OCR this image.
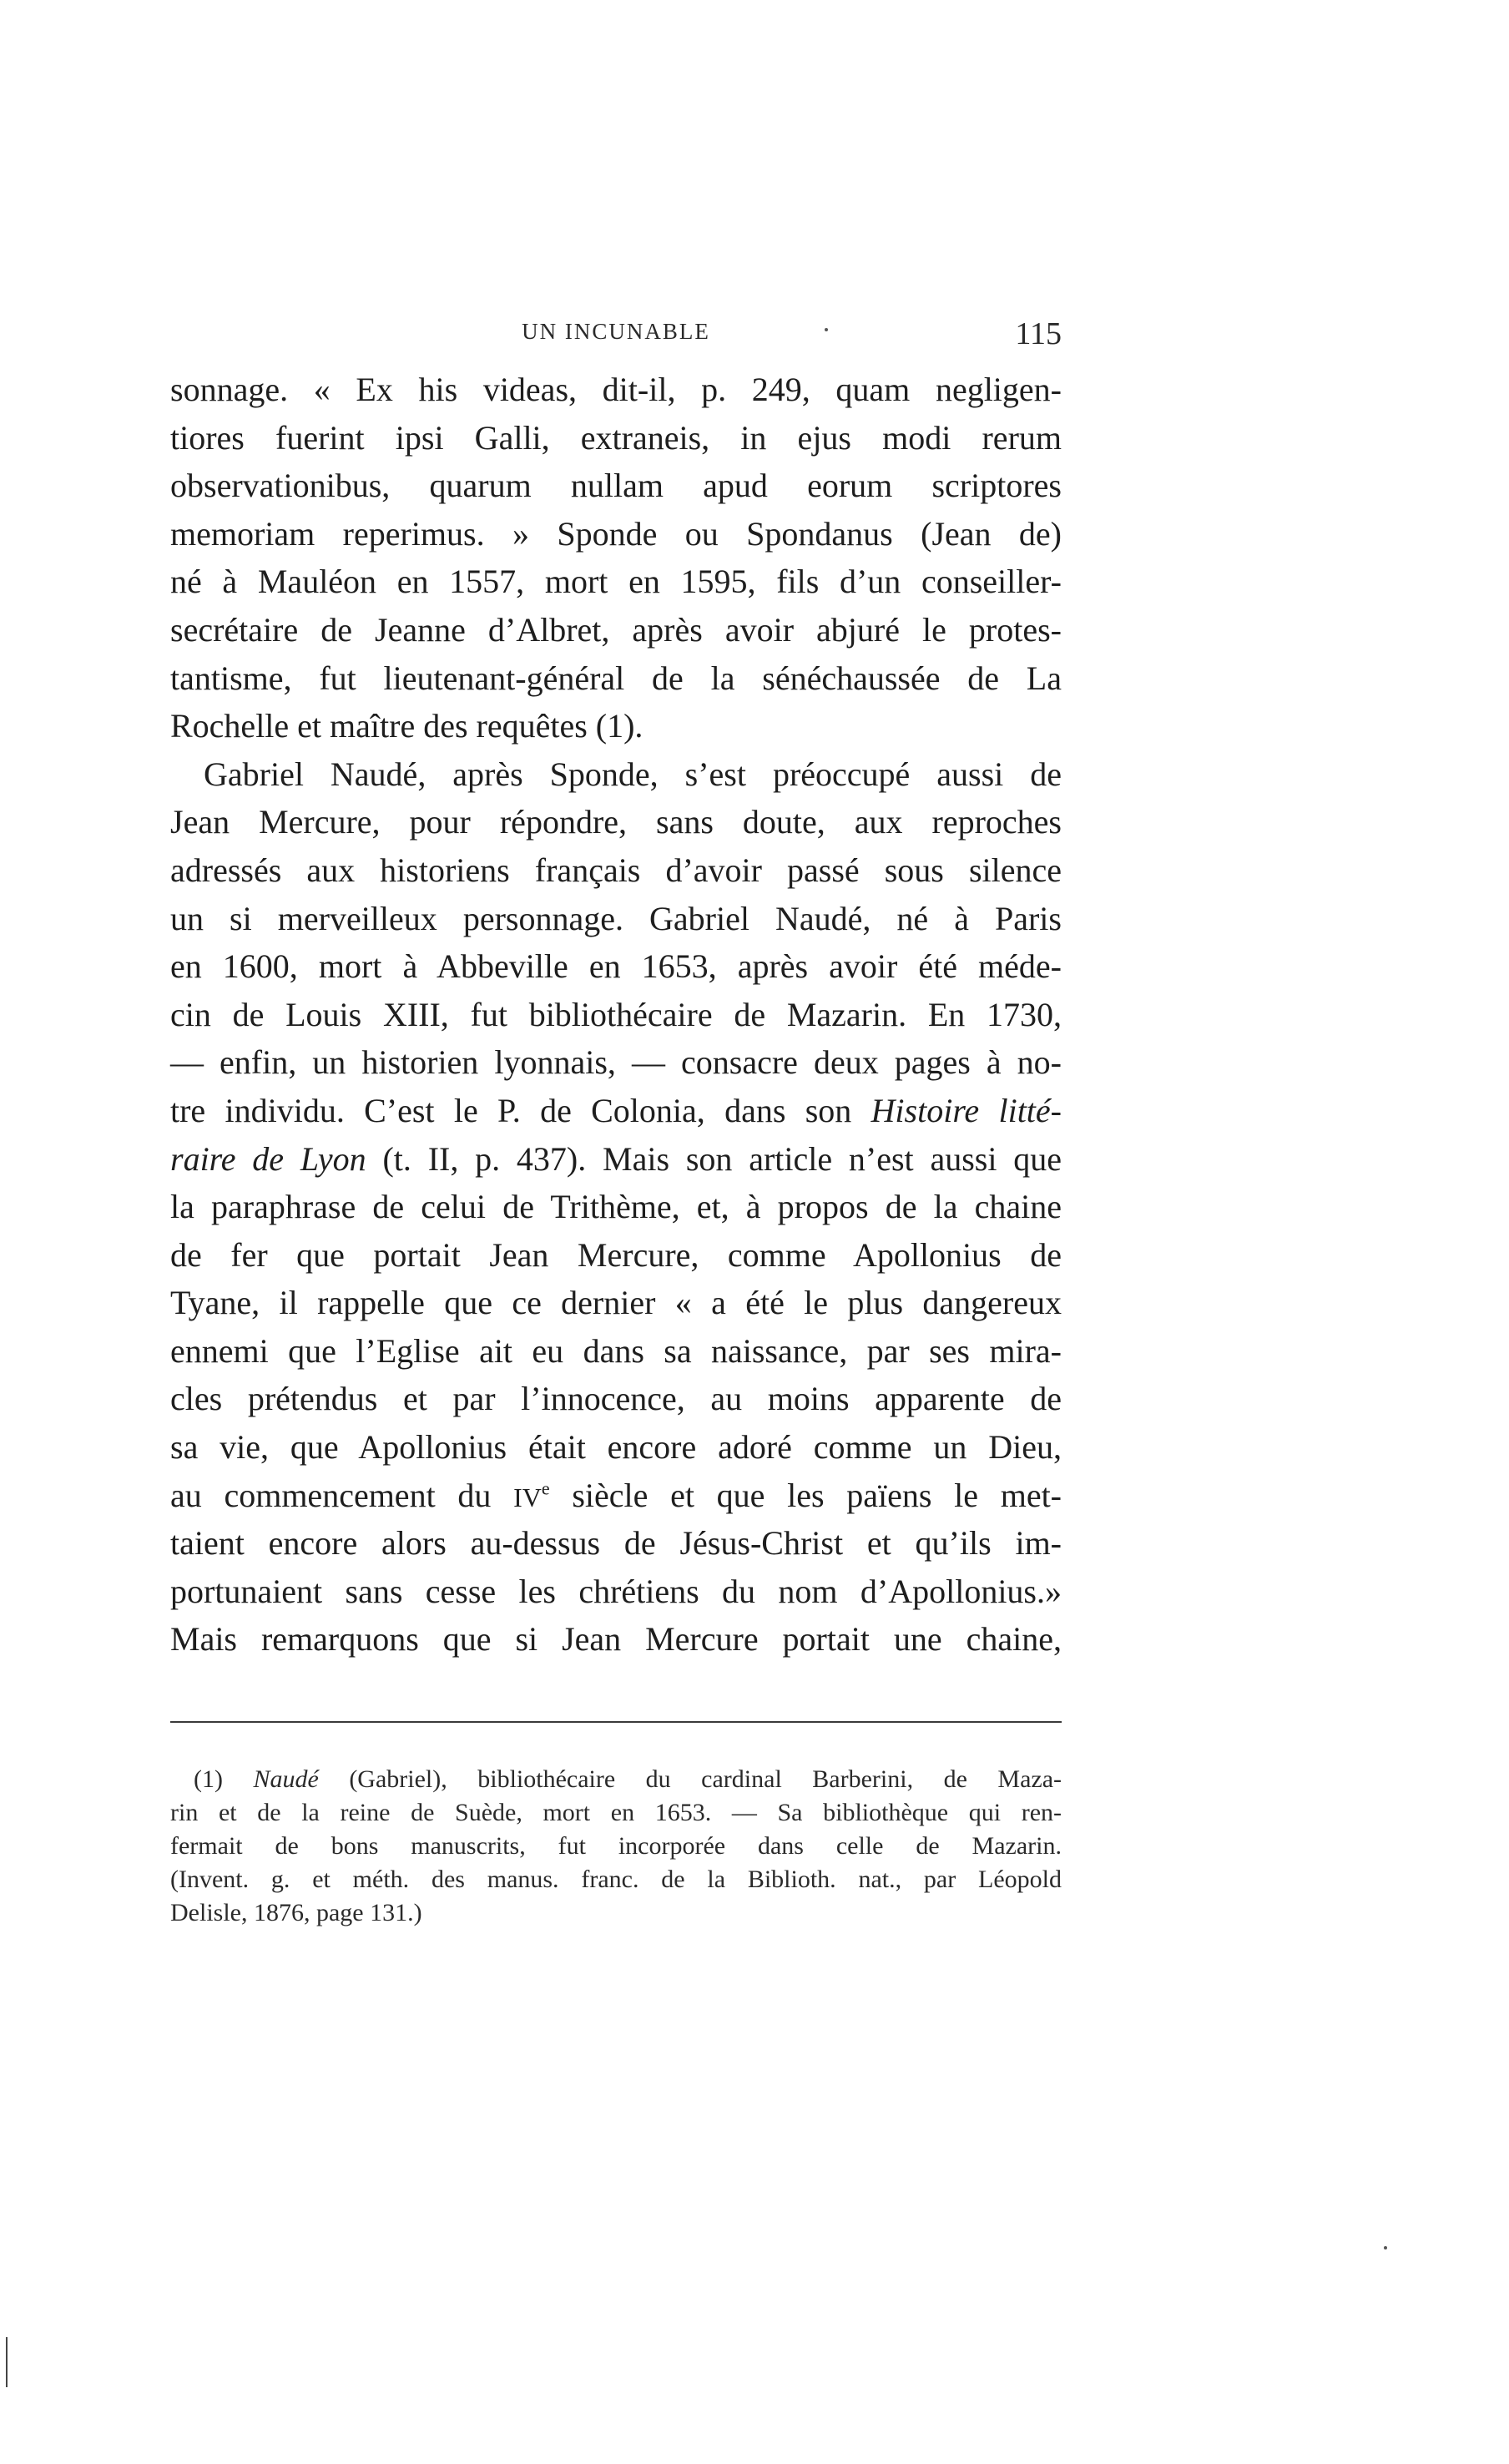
UN INCUNABLE	115
sonnage. « Ex his videas, dit-il, p. 249, quam negligen-
tiores fuerint ipsi Galli, extraneis, in ejus modi rerum
observationibus, quarum nullam apud eorum scriptores
memoriam reperimus. » Sponde ou Spondanus (Jean de)
né à Mauléon en 1557, mort en 1595, fils d’un conseiller-
secrétaire de Jeanne d’Albret, après avoir abjuré le protes-
tantisme, fut lieutenant-général de la sénéchaussée de La
Rochelle et maître des requêtes (1).
Gabriel Naudé, après Sponde, s’est préoccupé aussi de
Jean Mercure, pour répondre, sans doute, aux reproches
adressés aux historiens français d’avoir passé sous silence
un si merveilleux personnage. Gabriel Naudé, né à Paris
en 1600, mort à Abbeville en 1653, après avoir été méde-
cin de Louis XIII, fut bibliothécaire de Mazarin. En 1730,
— enfin, un historien lyonnais, — consacre deux pages à no-
tre individu. C’est le P. de Colonia, dans son Histoire litté-
raire de Lyon (t. II, p. 437). Mais son article n’est aussi que
la paraphrase de celui de Trithème, et, à propos de la chaine
de fer que portait Jean Mercure, comme Apollonius de
Tyane, il rappelle que ce dernier « a été le plus dangereux
ennemi que l’Eglise ait eu dans sa naissance, par ses mira-
cles prétendus et par l’innocence, au moins apparente de
sa vie, que Apollonius était encore adoré comme un Dieu,
au commencement du IVe siècle et que les païens le met-
taient encore alors au-dessus de Jésus-Christ et qu’ils im-
portunaient sans cesse les chrétiens du nom d’Apollonius.»
Mais remarquons que si Jean Mercure portait une chaine,
(1) Naudé (Gabriel), bibliothécaire du cardinal Barberini, de Maza-
rin et de la reine de Suède, mort en 1653. — Sa bibliothèque qui ren-
fermait de bons manuscrits, fut incorporée dans celle de Mazarin.
(Invent. g. et méth. des manus. franc. de la Biblioth. nat., par Léopold
Delisle, 1876, page 131.)
